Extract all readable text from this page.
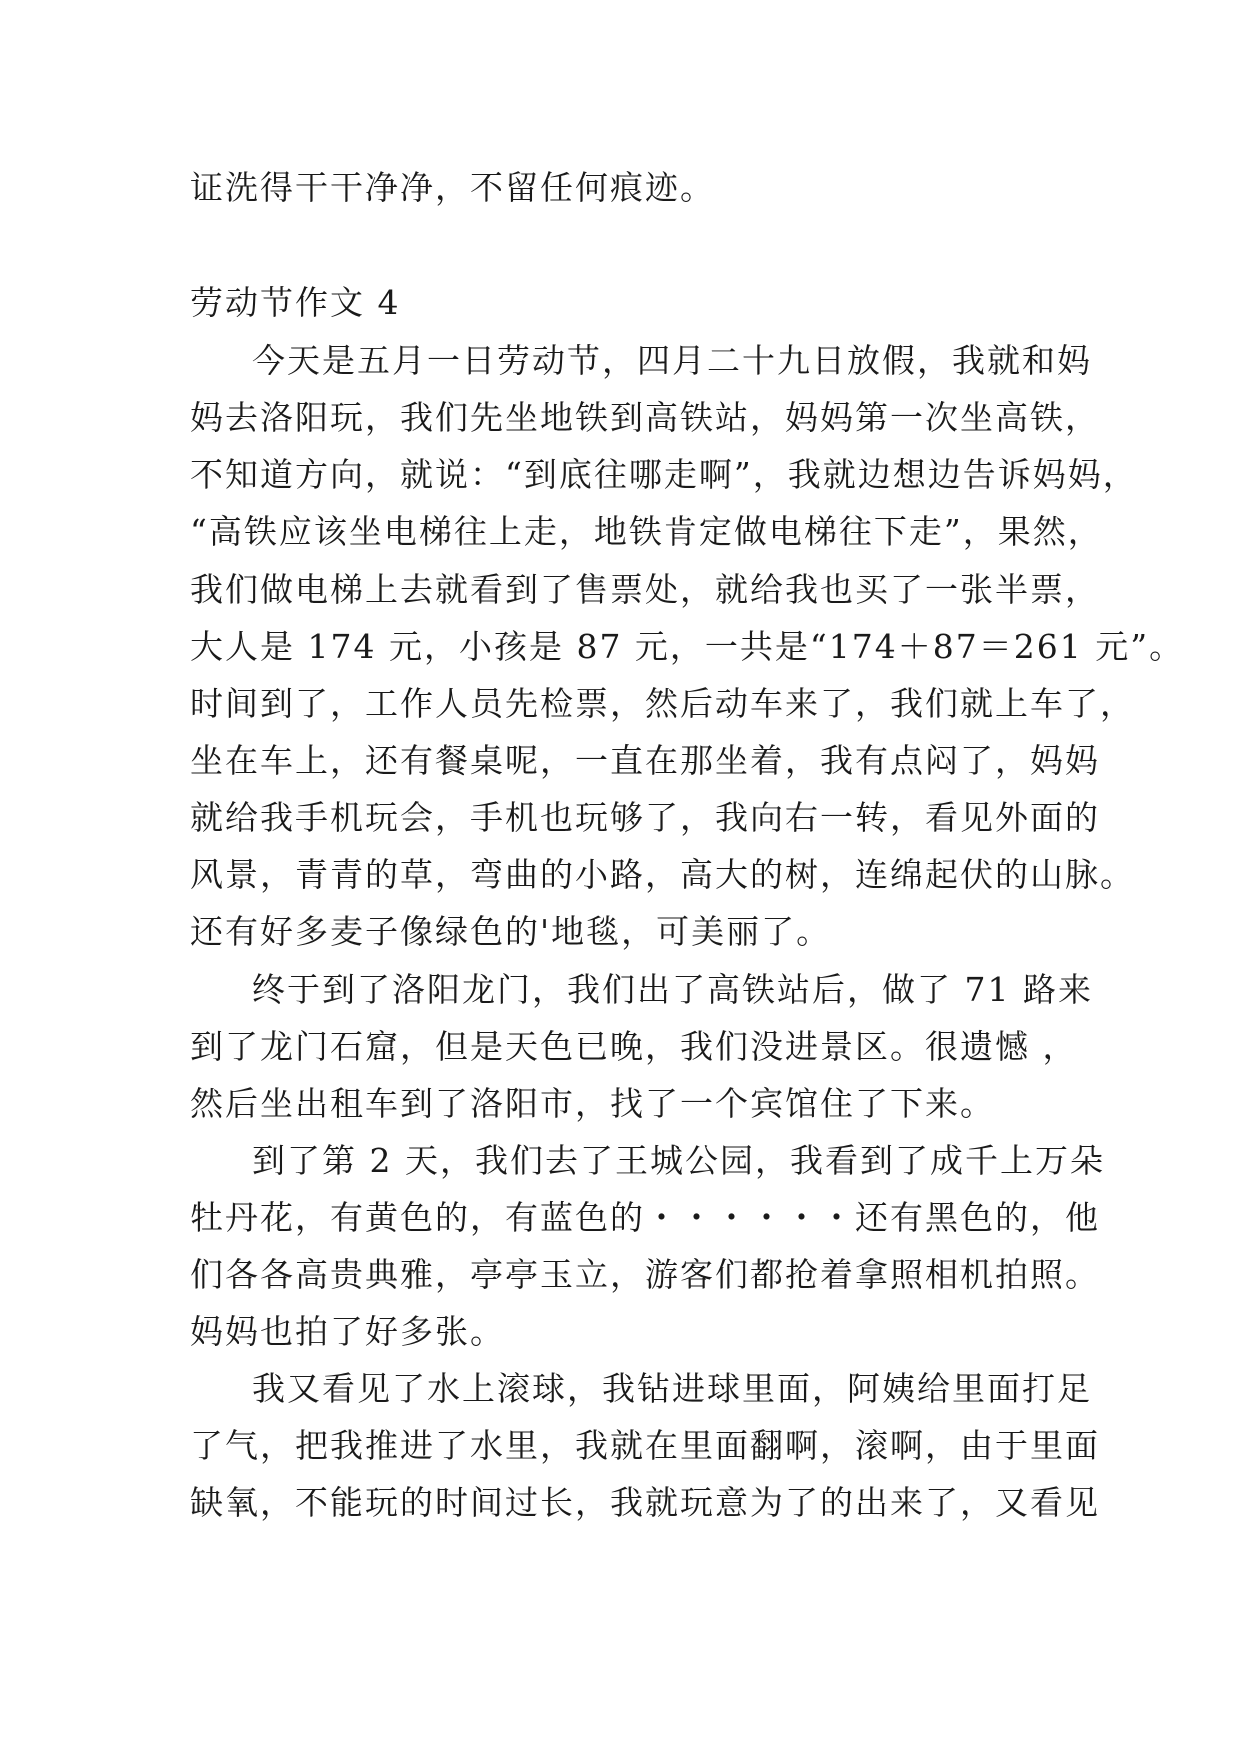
证洗得干干净净，不留任何痕迹。
劳动节作文 4
今天是五月一日劳动节，四月二十九日放假，我就和妈
妈去洛阳玩，我们先坐地铁到高铁站，妈妈第一次坐高铁，
不知道方向，就说：“到底往哪走啊”，我就边想边告诉妈妈，
“高铁应该坐电梯往上走，地铁肯定做电梯往下走”，果然，
我们做电梯上去就看到了售票处，就给我也买了一张半票，
大人是 174 元，小孩是 87 元，一共是“174＋87＝261 元”。
时间到了，工作人员先检票，然后动车来了，我们就上车了，
坐在车上，还有餐桌呢，一直在那坐着，我有点闷了，妈妈
就给我手机玩会，手机也玩够了，我向右一转，看见外面的
风景，青青的草，弯曲的小路，高大的树，连绵起伏的山脉。
还有好多麦子像绿色的'地毯，可美丽了。
终于到了洛阳龙门，我们出了高铁站后，做了 71 路来
到了龙门石窟，但是天色已晚，我们没进景区。很遗憾 ，
然后坐出租车到了洛阳市，找了一个宾馆住了下来。
到了第 2 天，我们去了王城公园，我看到了成千上万朵
牡丹花，有黄色的，有蓝色的・・・・・・还有黑色的，他
们各各高贵典雅，亭亭玉立，游客们都抢着拿照相机拍照。
妈妈也拍了好多张。
我又看见了水上滚球，我钻进球里面，阿姨给里面打足
了气，把我推进了水里，我就在里面翻啊，滚啊，由于里面
缺氧，不能玩的时间过长，我就玩意为了的出来了，又看见
